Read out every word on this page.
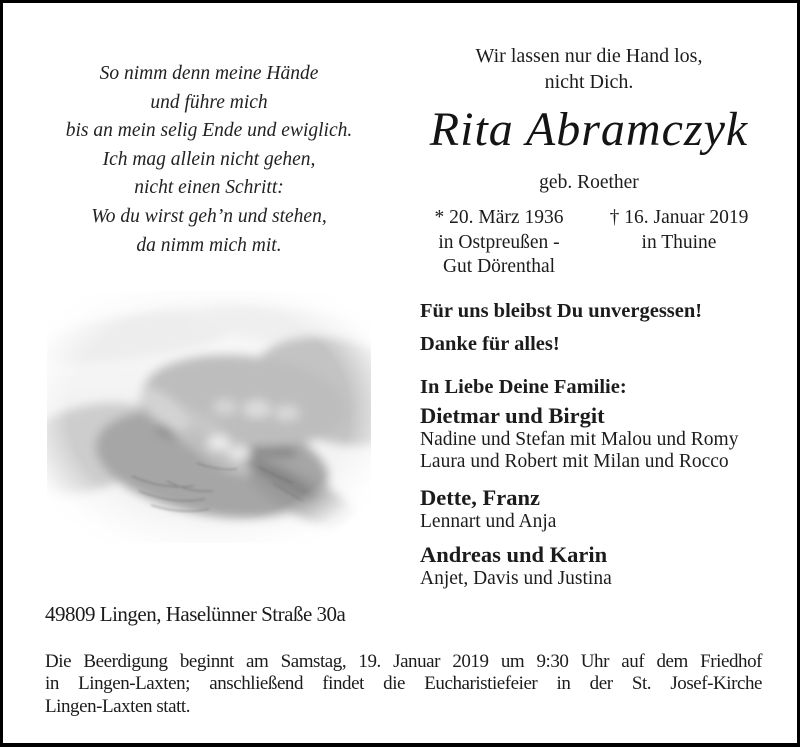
So nimm denn meine Hände
und führe mich
bis an mein selig Ende und ewiglich.
Ich mag allein nicht gehen,
nicht einen Schritt:
Wo du wirst geh’n und stehen,
da nimm mich mit.
Wir lassen nur die Hand los,
nicht Dich.
Rita Abramczyk
geb. Roether
* 20. März 1936
in Ostpreußen -
Gut Dörenthal
† 16. Januar 2019
in Thuine
Für uns bleibst Du unvergessen!
Danke für alles!
In Liebe Deine Familie:
Dietmar und Birgit
Nadine und Stefan mit Malou und Romy
Laura und Robert mit Milan und Rocco
Dette, Franz
Lennart und Anja
Andreas und Karin
Anjet, Davis und Justina
49809 Lingen, Haselünner Straße 30a
Die Beerdigung beginnt am Samstag, 19. Januar 2019 um 9:30 Uhr auf dem Friedhof
in Lingen-Laxten; anschließend findet die Eucharistiefeier in der St. Josef-Kirche
Lingen-Laxten statt.
